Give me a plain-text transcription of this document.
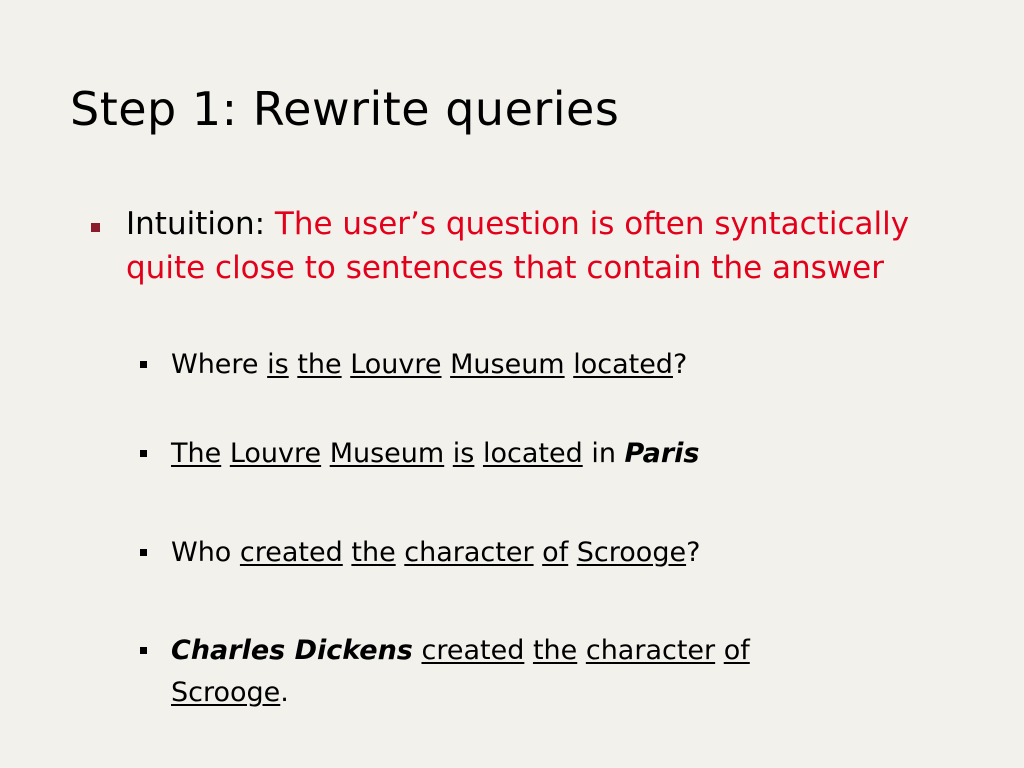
Step 1: Rewrite queries
Intuition: The user’s question is often syntactically quite close to sentences that contain the answer
Where is the Louvre Museum located?
The Louvre Museum is located in Paris
Who created the character of Scrooge?
Charles Dickens created the character of Scrooge.
